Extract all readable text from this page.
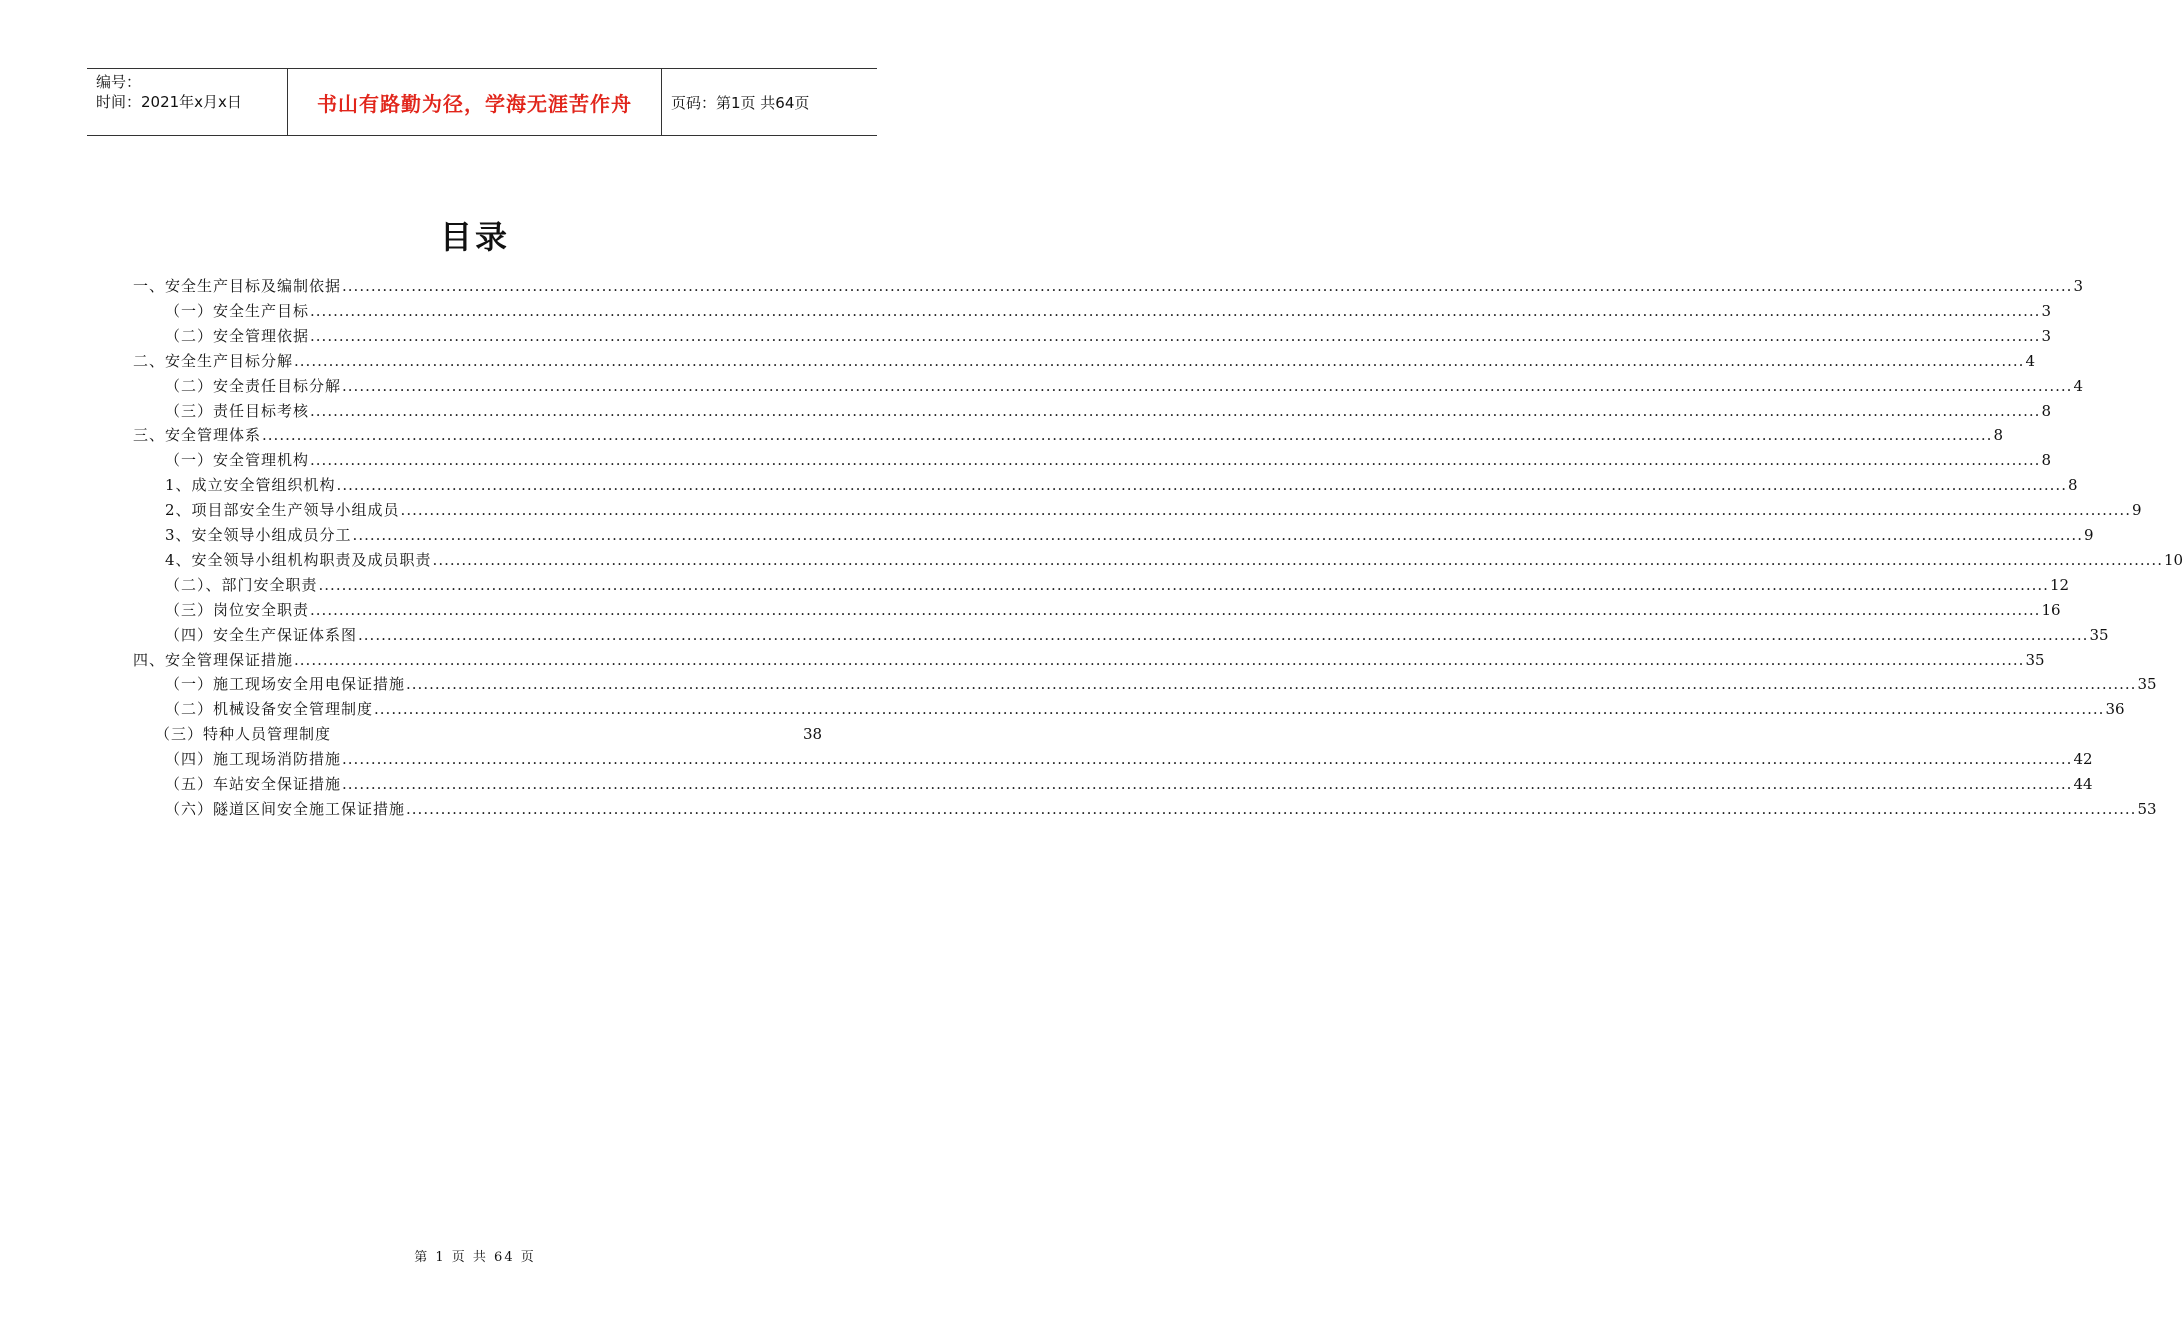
编号：
时间：2021年x月x日	书山有路勤为径，学海无涯苦作舟	页码：第1页 共64页
目录
一、安全生产目标及编制依据 ............................................................................................................................................................................................................................................................................................................ 3
（一）安全生产目标 ............................................................................................................................................................................................................................................................................................................ 3
（二）安全管理依据 ............................................................................................................................................................................................................................................................................................................ 3
二、安全生产目标分解 ............................................................................................................................................................................................................................................................................................................ 4
（二）安全责任目标分解 ............................................................................................................................................................................................................................................................................................................ 4
（三）责任目标考核 ............................................................................................................................................................................................................................................................................................................ 8
三、安全管理体系 ............................................................................................................................................................................................................................................................................................................ 8
（一）安全管理机构 ............................................................................................................................................................................................................................................................................................................ 8
1、成立安全管组织机构 ............................................................................................................................................................................................................................................................................................................ 8
2、项目部安全生产领导小组成员 ............................................................................................................................................................................................................................................................................................................ 9
3、安全领导小组成员分工 ............................................................................................................................................................................................................................................................................................................ 9
4、安全领导小组机构职责及成员职责 ............................................................................................................................................................................................................................................................................................................ 10
（二）、部门安全职责 ............................................................................................................................................................................................................................................................................................................ 12
（三）岗位安全职责 ............................................................................................................................................................................................................................................................................................................ 16
（四）安全生产保证体系图 ............................................................................................................................................................................................................................................................................................................ 35
四、安全管理保证措施 ............................................................................................................................................................................................................................................................................................................ 35
（一）施工现场安全用电保证措施 ............................................................................................................................................................................................................................................................................................................ 35
（二）机械设备安全管理制度 ............................................................................................................................................................................................................................................................................................................ 36
（三）特种人员管理制度	38
（四）施工现场消防措施 ............................................................................................................................................................................................................................................................................................................ 42
（五）车站安全保证措施 ............................................................................................................................................................................................................................................................................................................ 44
（六）隧道区间安全施工保证措施 ............................................................................................................................................................................................................................................................................................................ 53
第 1 页 共 64 页
